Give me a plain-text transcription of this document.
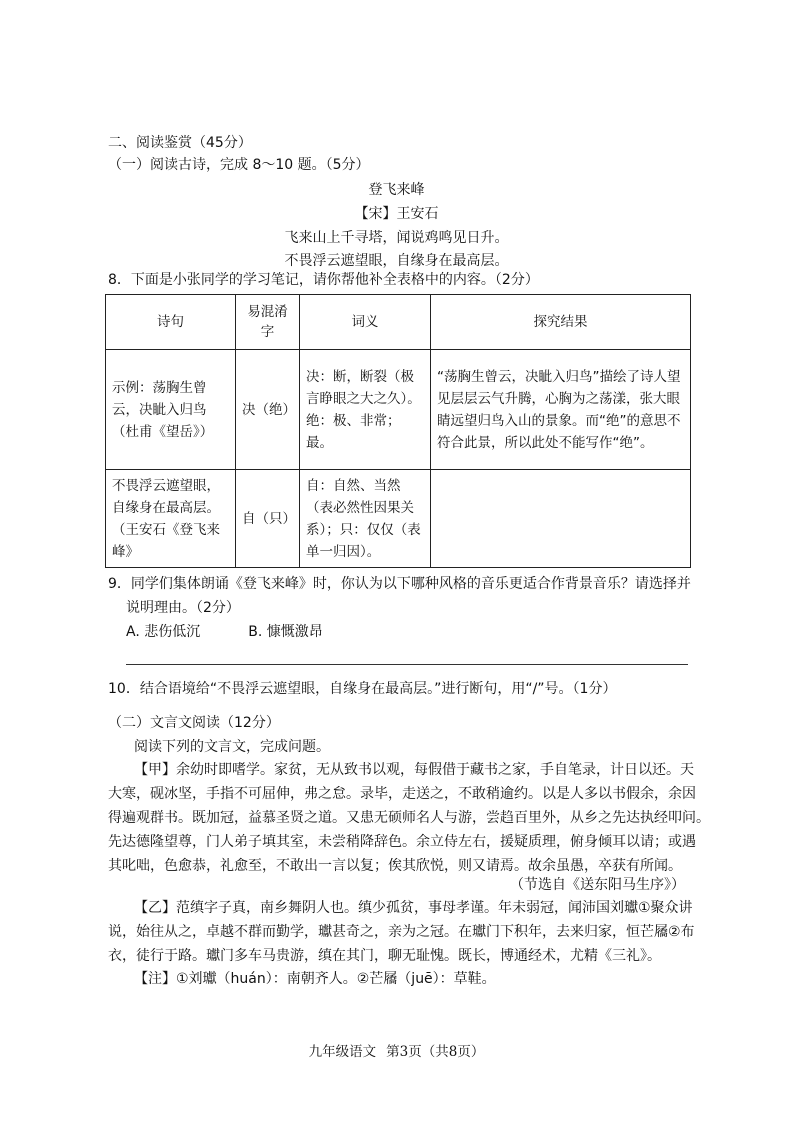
二、阅读鉴赏（45分）
（一）阅读古诗，完成 8～10 题。（5分）
登飞来峰
【宋】王安石
飞来山上千寻塔，闻说鸡鸣见日升。
不畏浮云遮望眼，自缘身在最高层。
8．下面是小张同学的学习笔记，请你帮他补全表格中的内容。（2分）
诗句	易混淆字	词义	探究结果
示例：荡胸生曾云，决眦入归鸟（杜甫《望岳》）	决（绝）	决：断，断裂（极言睁眼之大之久）。绝：极、非常；最。	“荡胸生曾云，决眦入归鸟”描绘了诗人望见层层云气升腾，心胸为之荡漾，张大眼睛远望归鸟入山的景象。而“绝”的意思不符合此景，所以此处不能写作“绝”。
不畏浮云遮望眼，自缘身在最高层。（王安石《登飞来峰》	自（只）	自：自然、当然（表必然性因果关系）；只：仅仅（表单一归因）。	
9．同学们集体朗诵《登飞来峰》时，你认为以下哪种风格的音乐更适合作背景音乐？请选择并
说明理由。（2分）
A. 悲伤低沉	B. 慷慨激昂
10．结合语境给“不畏浮云遮望眼，自缘身在最高层。”进行断句，用“/”号。（1分）
（二）文言文阅读（12分）
阅读下列的文言文，完成问题。
【甲】余幼时即嗜学。家贫，无从致书以观，每假借于藏书之家，手自笔录，计日以还。天
大寒，砚冰坚，手指不可屈伸，弗之怠。录毕，走送之，不敢稍逾约。以是人多以书假余，余因
得遍观群书。既加冠，益慕圣贤之道。又患无硕师名人与游，尝趋百里外，从乡之先达执经叩问。
先达德隆望尊，门人弟子填其室，未尝稍降辞色。余立侍左右，援疑质理，俯身倾耳以请；或遇
其叱咄，色愈恭，礼愈至，不敢出一言以复；俟其欣悦，则又请焉。故余虽愚，卒获有所闻。
（节选自《送东阳马生序》）
【乙】范缜字子真，南乡舞阴人也。缜少孤贫，事母孝谨。年未弱冠，闻沛国刘瓛①聚众讲
说，始往从之，卓越不群而勤学，瓛甚奇之，亲为之冠。在瓛门下积年，去来归家，恒芒屩②布
衣，徒行于路。瓛门多车马贵游，缜在其门，聊无耻愧。既长，博通经术，尤精《三礼》。
【注】①刘瓛（huán）：南朝齐人。②芒屩（juē）：草鞋。
九年级语文 第3页（共8页）
